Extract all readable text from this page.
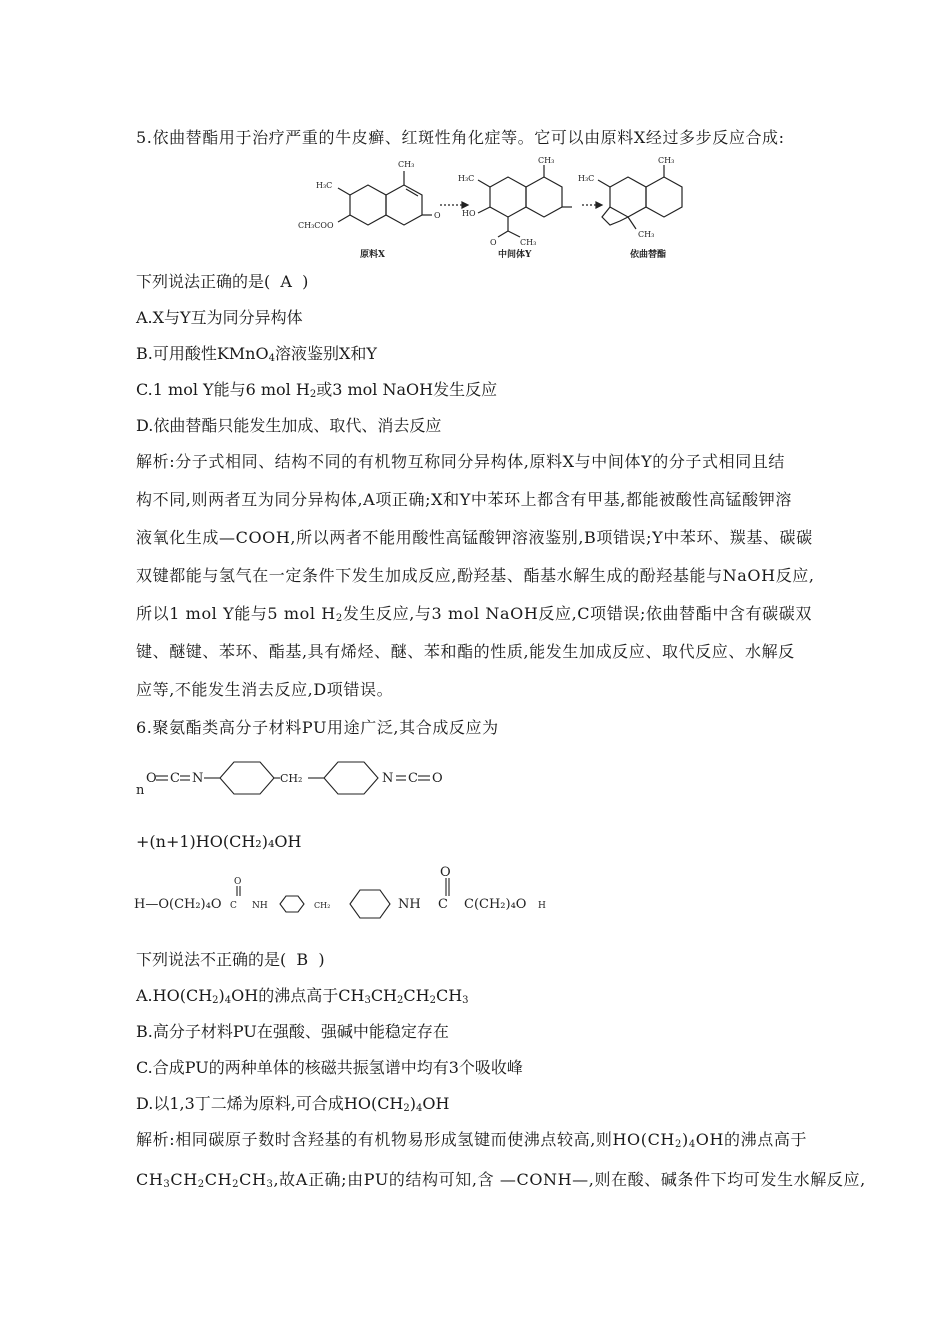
5.依曲替酯用于治疗严重的牛皮癣、红斑性角化症等。它可以由原料X经过多步反应合成:
CH₃
H₃C
CH₃COO
O
CH₃
H₃C
HO
O	CH₃
CH₃
H₃C
CH₃
原料X	中间体Y	依曲替酯
下列说法正确的是( A )
A.X与Y互为同分异构体
B.可用酸性KMnO$_4$溶液鉴别X和Y
C.1 mol Y能与6 mol $H_2$或3 mol NaOH发生反应
D.依曲替酯只能发生加成、取代、消去反应
解析:分子式相同、结构不同的有机物互称同分异构体,原料X与中间体Y的分子式相同且结
构不同,则两者互为同分异构体,A项正确;X和Y中苯环上都含有甲基,都能被酸性高锰酸钾溶
液氧化生成—COOH,所以两者不能用酸性高锰酸钾溶液鉴别,B项错误;Y中苯环、羰基、碳碳
双键都能与氢气在一定条件下发生加成反应,酚羟基、酯基水解生成的酚羟基能与NaOH反应,
所以1 mol Y能与5 mol $H_2$发生反应,与3 mol NaOH反应,C项错误;依曲替酯中含有碳碳双
键、醚键、苯环、酯基,具有烯烃、醚、苯和酯的性质,能发生加成反应、取代反应、水解反
应等,不能发生消去反应,D项错误。
6.聚氨酯类高分子材料PU用途广泛,其合成反应为
n
O C N	CH₂	N C O
+(n+1)HO(CH₂)₄OH
H—O(CH₂)₄O C
O
NH	CH₂	NH C
O
C(CH₂)₄O H
下列说法不正确的是( B )
$A.HO(CH_2)_4OH$的沸点高于$CH_3CH_2CH_2CH_3$
B.高分子材料PU在强酸、强碱中能稳定存在
C.合成PU的两种单体的核磁共振氢谱中均有3个吸收峰
D.以1,3丁二烯为原料,可合成$HO(CH_2)_4OH$
解析:相同碳原子数时含羟基的有机物易形成氢键而使沸点较高,则$HO(CH_2)_4OH$的沸点高于
$CH_3CH_2CH_2CH_3$,故A正确;由PU的结构可知,含 —CONH—,则在酸、碱条件下均可发生水解反应,
